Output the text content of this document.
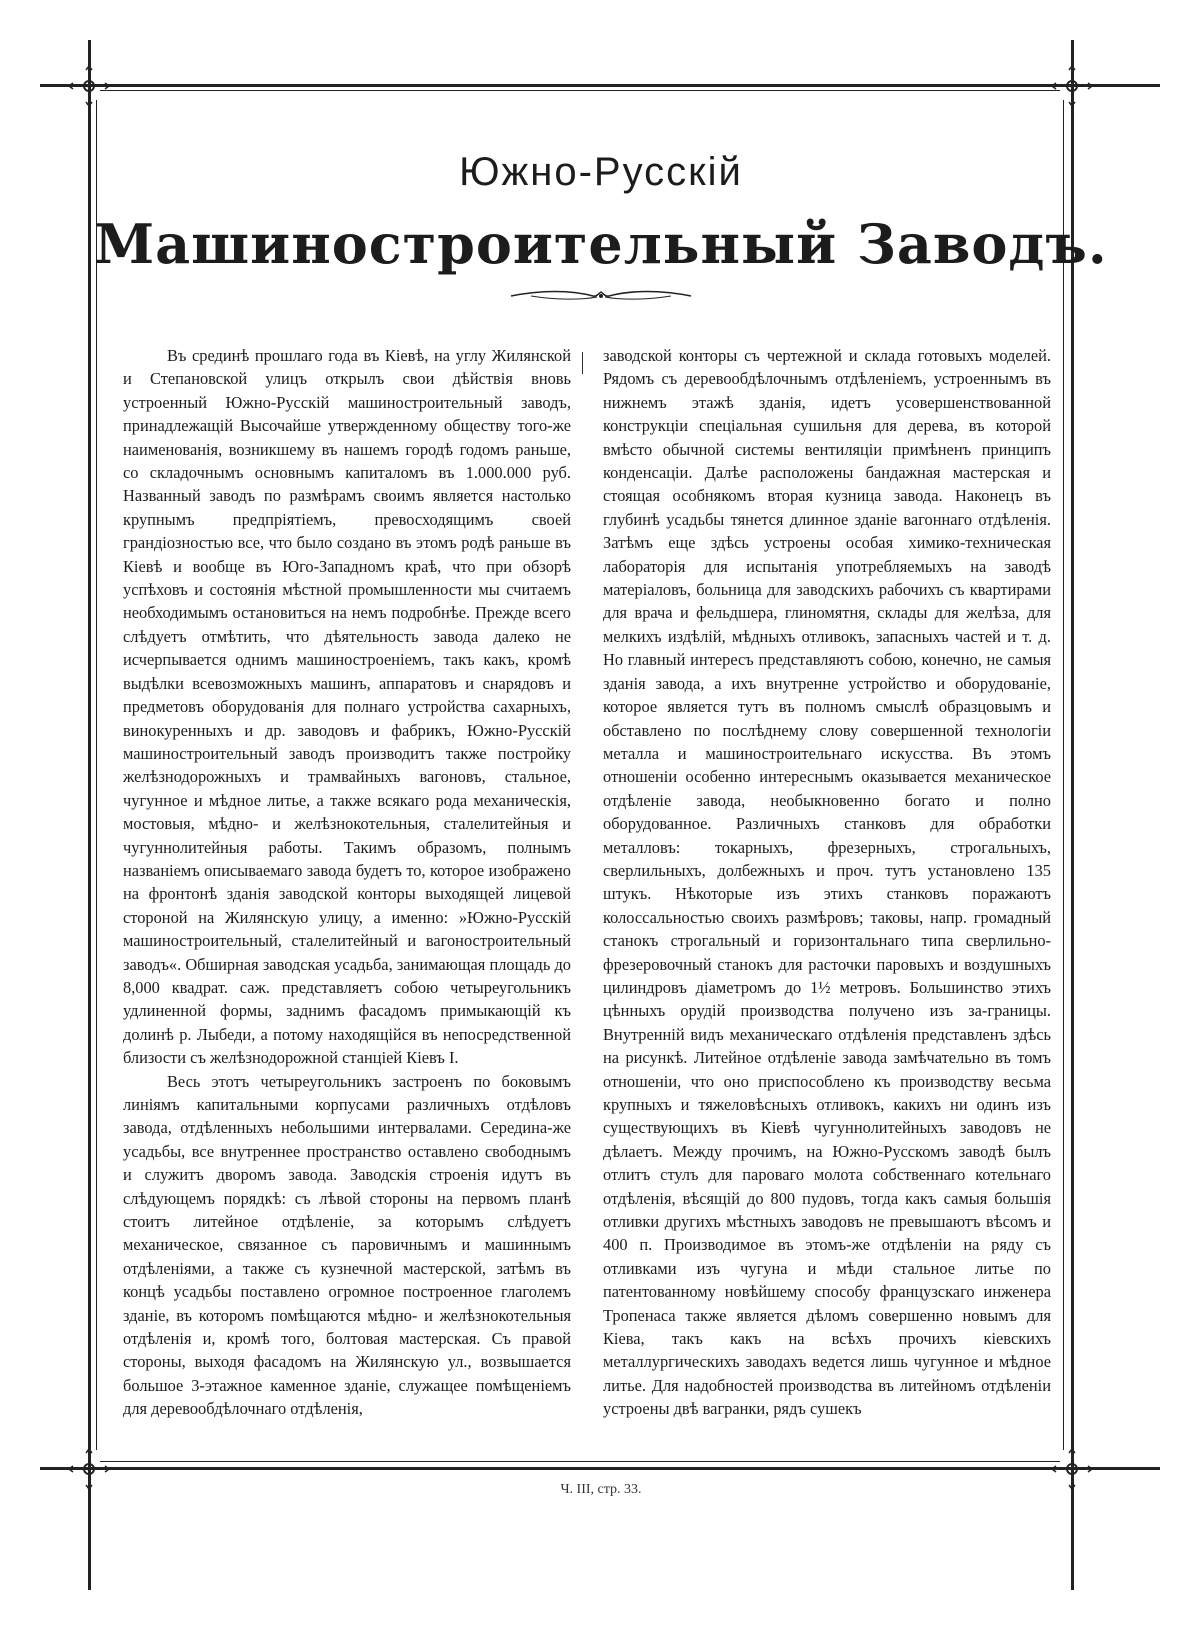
Южно-Русскій
Машиностроительный Заводъ.

Въ срединѣ прошлаго года въ Кіевѣ, на углу Жилянской и Степановской улицъ открылъ свои дѣйствія вновь устроенный Южно-Русскій машиностроительный заводъ, принадлежащій Высочайше утвержденному обществу того-же наименованія, возникшему въ нашемъ городѣ годомъ раньше, со складочнымъ основнымъ капиталомъ въ 1.000.000 руб. Названный заводъ по размѣрамъ своимъ является настолько крупнымъ предпріятіемъ, превосходящимъ своей грандіозностью все, что было создано въ этомъ родѣ раньше въ Кіевѣ и вообще въ Юго-Западномъ краѣ, что при обзорѣ успѣховъ и состоянія мѣстной промышленности мы считаемъ необходимымъ остановиться на немъ подробнѣе. Прежде всего слѣдуетъ отмѣтить, что дѣятельность завода далеко не исчерпывается однимъ машиностроеніемъ, такъ какъ, кромѣ выдѣлки всевозможныхъ машинъ, аппаратовъ и снарядовъ и предметовъ оборудованія для полнаго устройства сахарныхъ, винокуренныхъ и др. заводовъ и фабрикъ, Южно-Русскій машиностроительный заводъ производитъ также постройку желѣзнодорожныхъ и трамвайныхъ вагоновъ, стальное, чугунное и мѣдное литье, а также всякаго рода механическія, мостовыя, мѣдно- и желѣзнокотельныя, сталелитейныя и чугуннолитейныя работы. Такимъ образомъ, полнымъ названіемъ описываемаго завода будетъ то, которое изображено на фронтонѣ зданія заводской конторы выходящей лицевой стороной на Жилянскую улицу, а именно: »Южно-Русскій машиностроительный, сталелитейный и вагоностроительный заводъ«. Обширная заводская усадьба, занимающая площадь до 8,000 квадрат. саж. представляетъ собою четыреугольникъ удлиненной формы, заднимъ фасадомъ примыкающій къ долинѣ р. Лыбеди, а потому находящійся въ непосредственной близости съ желѣзнодорожной станціей Кіевъ I.

Весь этотъ четыреугольникъ застроенъ по боковымъ линіямъ капитальными корпусами различныхъ отдѣловъ завода, отдѣленныхъ небольшими интервалами. Середина-же усадьбы, все внутреннее пространство оставлено свободнымъ и служитъ дворомъ завода. Заводскія строенія идутъ въ слѣдующемъ порядкѣ: съ лѣвой стороны на первомъ планѣ стоитъ литейное отдѣленіе, за которымъ слѣдуетъ механическое, связанное съ паровичнымъ и машиннымъ отдѣленіями, а также съ кузнечной мастерской, затѣмъ въ концѣ усадьбы поставлено огромное построенное глаголемъ зданіе, въ которомъ помѣщаются мѣдно- и желѣзнокотельныя отдѣленія и, кромѣ того, болтовая мастерская. Съ правой стороны, выходя фасадомъ на Жилянскую ул., возвышается большое 3-этажное каменное зданіе, служащее помѣщеніемъ для деревообдѣлочнаго отдѣленія,

заводской конторы съ чертежной и склада готовыхъ моделей. Рядомъ съ деревообдѣлочнымъ отдѣленіемъ, устроеннымъ въ нижнемъ этажѣ зданія, идетъ усовершенствованной конструкціи спеціальная сушильня для дерева, въ которой вмѣсто обычной системы вентиляціи примѣненъ принципъ конденсаціи. Далѣе расположены бандажная мастерская и стоящая особнякомъ вторая кузница завода. Наконецъ въ глубинѣ усадьбы тянется длинное зданіе вагоннаго отдѣленія. Затѣмъ еще здѣсь устроены особая химико-техническая лабораторія для испытанія употребляемыхъ на заводѣ матеріаловъ, больница для заводскихъ рабочихъ съ квартирами для врача и фельдшера, глиномятня, склады для желѣза, для мелкихъ издѣлій, мѣдныхъ отливокъ, запасныхъ частей и т. д. Но главный интересъ представляютъ собою, конечно, не самыя зданія завода, а ихъ внутренне устройство и оборудованіе, которое является тутъ въ полномъ смыслѣ образцовымъ и обставлено по послѣднему слову совершенной технологіи металла и машиностроительнаго искусства. Въ этомъ отношеніи особенно интереснымъ оказывается механическое отдѣленіе завода, необыкновенно богато и полно оборудованное. Различныхъ станковъ для обработки металловъ: токарныхъ, фрезерныхъ, строгальныхъ, сверлильныхъ, долбежныхъ и проч. тутъ установлено 135 штукъ. Нѣкоторые изъ этихъ станковъ поражаютъ колоссальностью своихъ размѣровъ; таковы, напр. громадный станокъ строгальный и горизонтальнаго типа сверлильно-фрезеровочный станокъ для расточки паровыхъ и воздушныхъ цилиндровъ діаметромъ до 1½ метровъ. Большинство этихъ цѣнныхъ орудій производства получено изъ за-границы. Внутренній видъ механическаго отдѣленія представленъ здѣсь на рисункѣ. Литейное отдѣленіе завода замѣчательно въ томъ отношеніи, что оно приспособлено къ производству весьма крупныхъ и тяжеловѣсныхъ отливокъ, какихъ ни одинъ изъ существующихъ въ Кіевѣ чугуннолитейныхъ заводовъ не дѣлаетъ. Между прочимъ, на Южно-Русскомъ заводѣ былъ отлитъ стулъ для пароваго молота собственнаго котельнаго отдѣленія, вѣсящій до 800 пудовъ, тогда какъ самыя большія отливки другихъ мѣстныхъ заводовъ не превышаютъ вѣсомъ и 400 п. Производимое въ этомъ-же отдѣленіи на ряду съ отливками изъ чугуна и мѣди стальное литье по патентованному новѣйшему способу французскаго инженера Тропенаса также является дѣломъ совершенно новымъ для Кіева, такъ какъ на всѣхъ прочихъ кіевскихъ металлургическихъ заводахъ ведется лишь чугунное и мѣдное литье. Для надобностей производства въ литейномъ отдѣленіи устроены двѣ вагранки, рядъ сушекъ

Ч. III, стр. 33.
